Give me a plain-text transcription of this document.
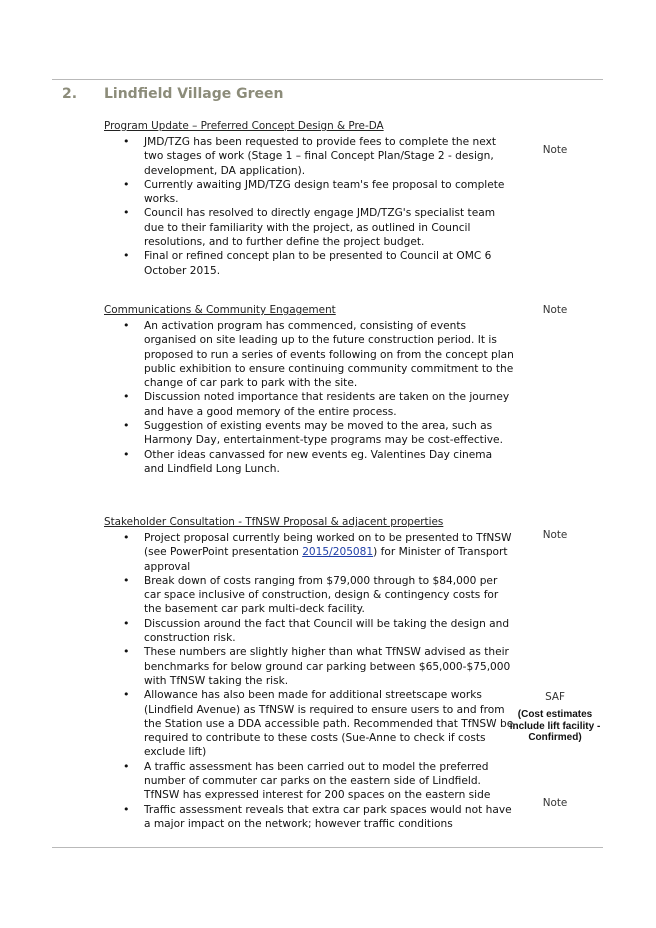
2. Lindfield Village Green
Program Update – Preferred Concept Design & Pre-DA
• JMD/TZG has been requested to provide fees to complete the next two stages of work (Stage 1 – final Concept Plan/Stage 2 - design, development, DA application).
• Currently awaiting JMD/TZG design team's fee proposal to complete works.
• Council has resolved to directly engage JMD/TZG's specialist team due to their familiarity with the project, as outlined in Council resolutions, and to further define the project budget.
• Final or refined concept plan to be presented to Council at OMC 6 October 2015.
Note
Communications & Community Engagement
• An activation program has commenced, consisting of events organised on site leading up to the future construction period. It is proposed to run a series of events following on from the concept plan public exhibition to ensure continuing community commitment to the change of car park to park with the site.
• Discussion noted importance that residents are taken on the journey and have a good memory of the entire process.
• Suggestion of existing events may be moved to the area, such as Harmony Day, entertainment-type programs may be cost-effective.
• Other ideas canvassed for new events eg. Valentines Day cinema and Lindfield Long Lunch.
Note
Stakeholder Consultation - TfNSW Proposal & adjacent properties
• Project proposal currently being worked on to be presented to TfNSW (see PowerPoint presentation 2015/205081) for Minister of Transport approval
• Break down of costs ranging from $79,000 through to $84,000 per car space inclusive of construction, design & contingency costs for the basement car park multi-deck facility.
• Discussion around the fact that Council will be taking the design and construction risk.
• These numbers are slightly higher than what TfNSW advised as their benchmarks for below ground car parking between $65,000-$75,000 with TfNSW taking the risk.
• Allowance has also been made for additional streetscape works (Lindfield Avenue) as TfNSW is required to ensure users to and from the Station use a DDA accessible path. Recommended that TfNSW be required to contribute to these costs (Sue-Anne to check if costs exclude lift)
• A traffic assessment has been carried out to model the preferred number of commuter car parks on the eastern side of Lindfield. TfNSW has expressed interest for 200 spaces on the eastern side
• Traffic assessment reveals that extra car park spaces would not have a major impact on the network; however traffic conditions
Note
SAF
(Cost estimates include lift facility - Confirmed)
Note
